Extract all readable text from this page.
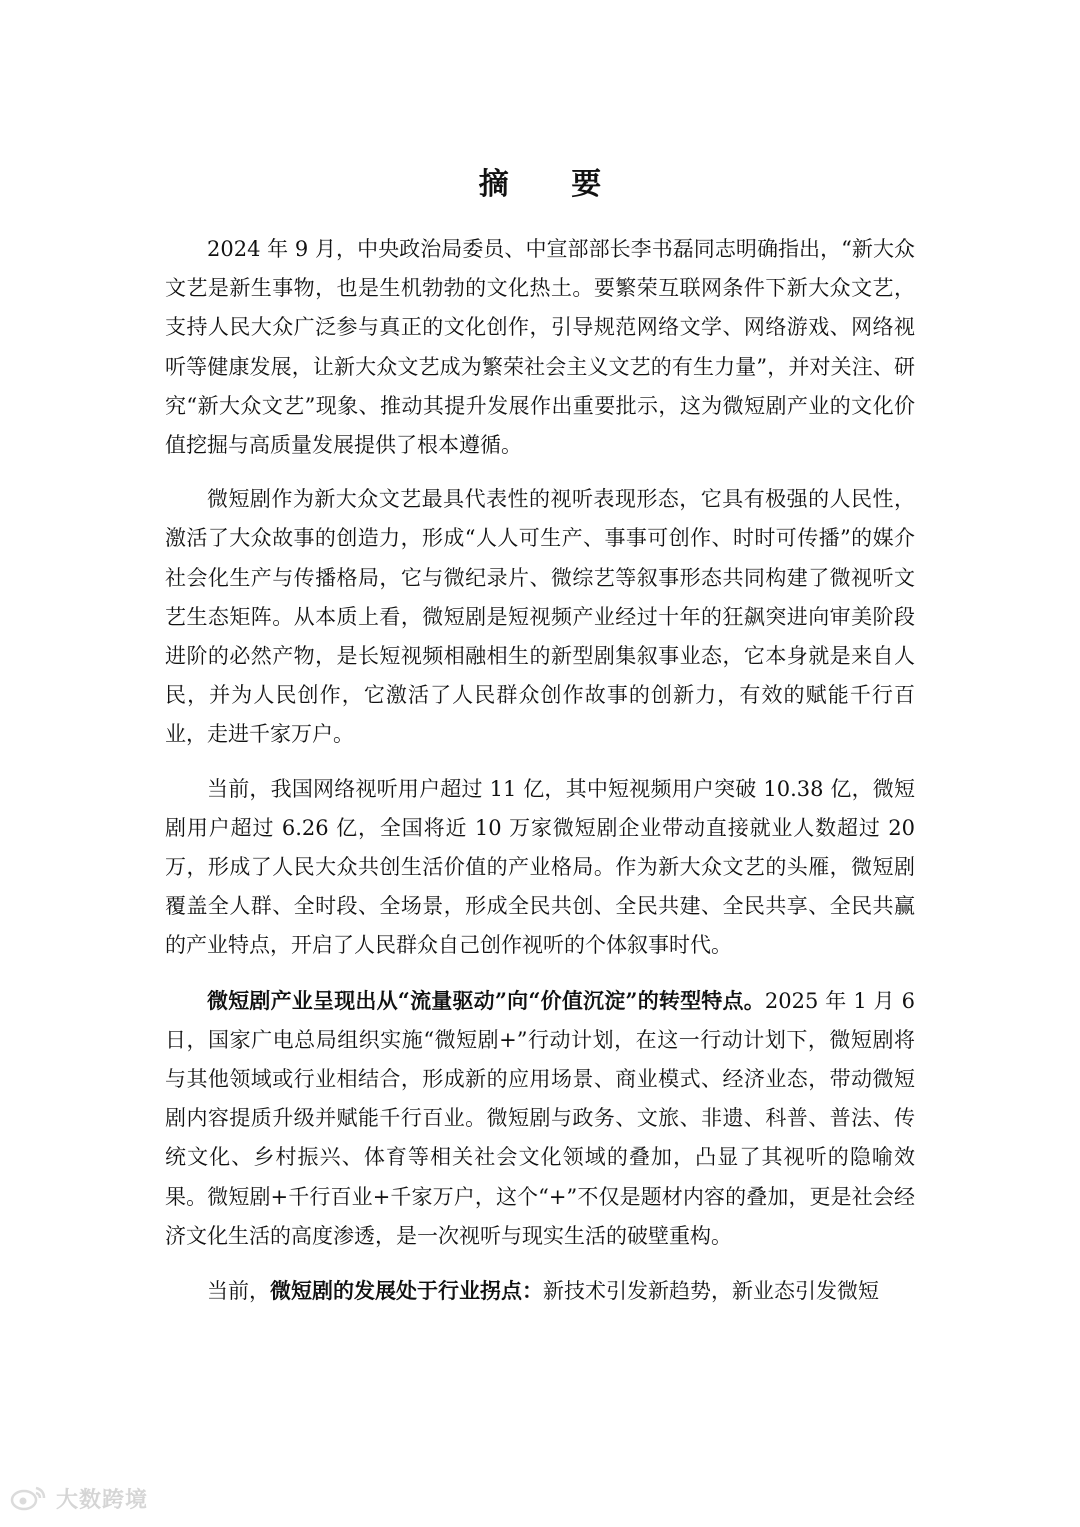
摘 要

2024 年 9 月，中央政治局委员、中宣部部长李书磊同志明确指出，“新大众文艺是新生事物，也是生机勃勃的文化热土。要繁荣互联网条件下新大众文艺，支持人民大众广泛参与真正的文化创作，引导规范网络文学、网络游戏、网络视听等健康发展，让新大众文艺成为繁荣社会主义文艺的有生力量”，并对关注、研究“新大众文艺”现象、推动其提升发展作出重要批示，这为微短剧产业的文化价值挖掘与高质量发展提供了根本遵循。

微短剧作为新大众文艺最具代表性的视听表现形态，它具有极强的人民性，激活了大众故事的创造力，形成“人人可生产、事事可创作、时时可传播”的媒介社会化生产与传播格局，它与微纪录片、微综艺等叙事形态共同构建了微视听文艺生态矩阵。从本质上看，微短剧是短视频产业经过十年的狂飙突进向审美阶段进阶的必然产物，是长短视频相融相生的新型剧集叙事业态，它本身就是来自人民，并为人民创作，它激活了人民群众创作故事的创新力，有效的赋能千行百业，走进千家万户。

当前，我国网络视听用户超过 11 亿，其中短视频用户突破 10.38 亿，微短剧用户超过 6.26 亿，全国将近 10 万家微短剧企业带动直接就业人数超过 20 万，形成了人民大众共创生活价值的产业格局。作为新大众文艺的头雁，微短剧覆盖全人群、全时段、全场景，形成全民共创、全民共建、全民共享、全民共赢的产业特点，开启了人民群众自己创作视听的个体叙事时代。

微短剧产业呈现出从“流量驱动”向“价值沉淀”的转型特点。2025 年 1 月 6 日，国家广电总局组织实施“微短剧+”行动计划，在这一行动计划下，微短剧将与其他领域或行业相结合，形成新的应用场景、商业模式、经济业态，带动微短剧内容提质升级并赋能千行百业。微短剧与政务、文旅、非遗、科普、普法、传统文化、乡村振兴、体育等相关社会文化领域的叠加，凸显了其视听的隐喻效果。微短剧+千行百业+千家万户，这个“+”不仅是题材内容的叠加，更是社会经济文化生活的高度渗透，是一次视听与现实生活的破壁重构。

当前，微短剧的发展处于行业拐点：新技术引发新趋势，新业态引发微短

大数跨境
